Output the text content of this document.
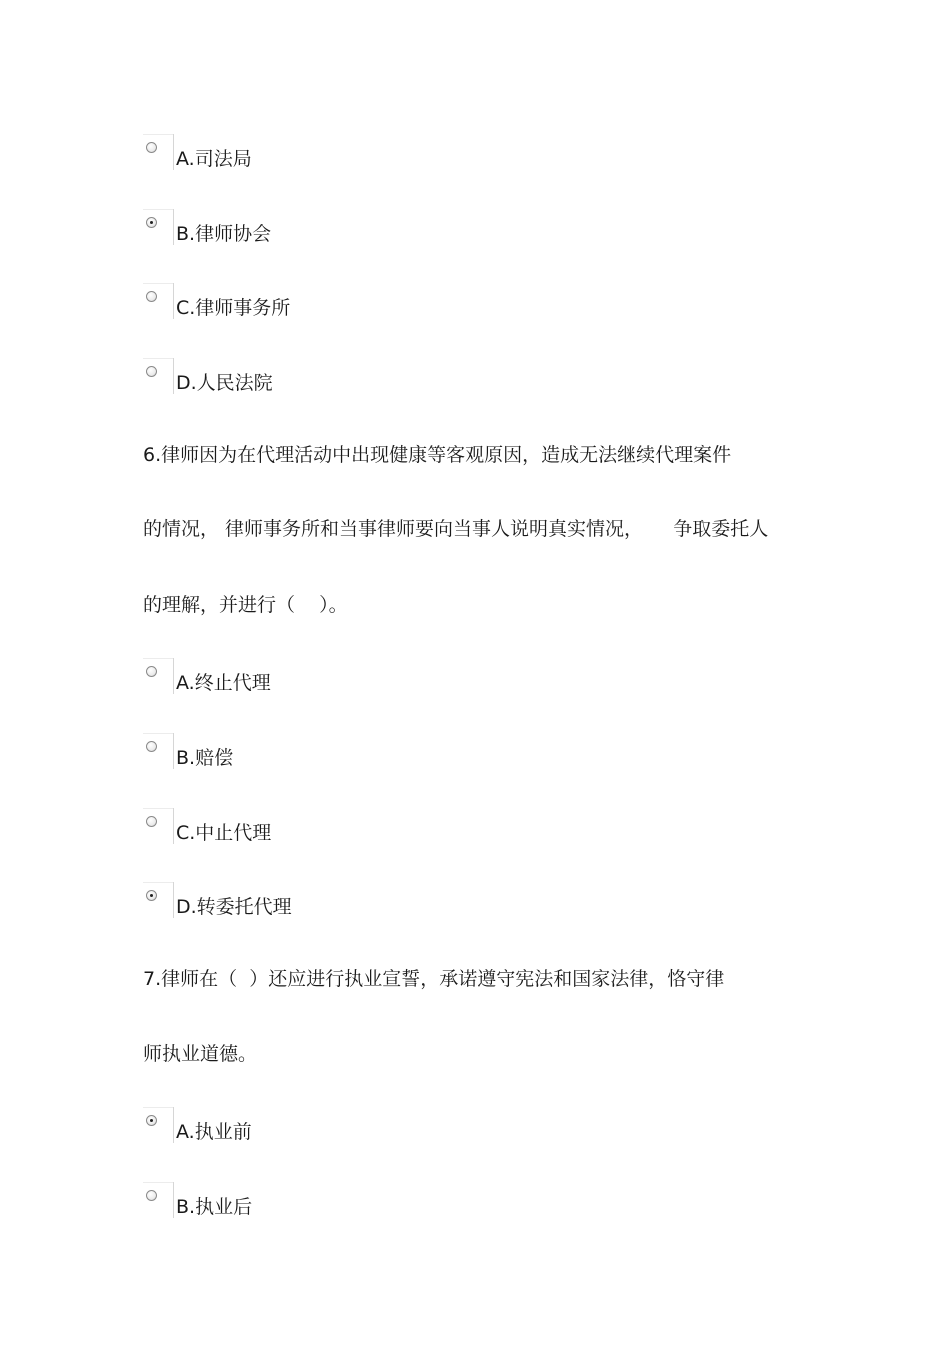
A.司法局
B.律师协会
C.律师事务所
D.人民法院
6.律师因为在代理活动中出现健康等客观原因，造成无法继续代理案件
的情况， 律师事务所和当事律师要向当事人说明真实情况，     争取委托人
的理解，并进行（    ）。
A.终止代理
B.赔偿
C.中止代理
D.转委托代理
7.律师在（  ）还应进行执业宣誓，承诺遵守宪法和国家法律，恪守律
师执业道德。
A.执业前
B.执业后
